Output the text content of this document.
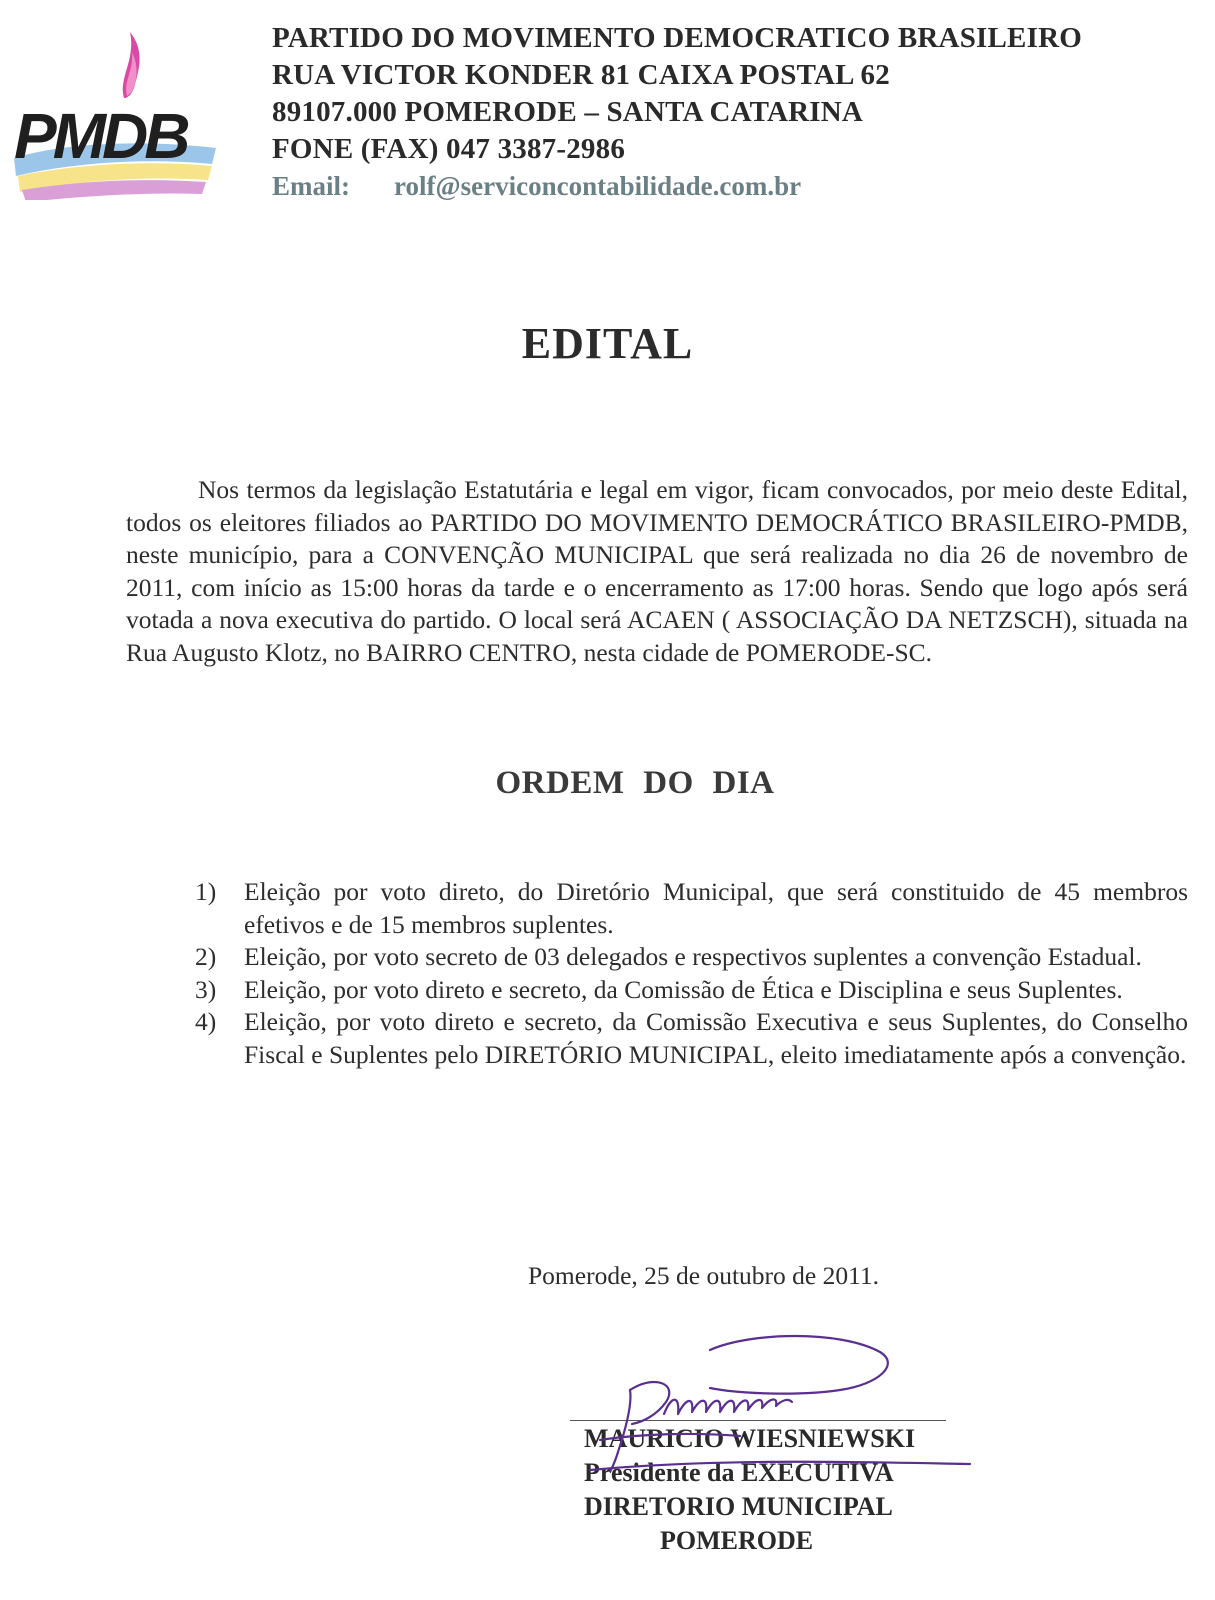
PMDB
PARTIDO DO MOVIMENTO DEMOCRATICO BRASILEIRO
RUA VICTOR KONDER 81 CAIXA POSTAL 62
89107.000 POMERODE – SANTA CATARINA
FONE (FAX) 047 3387-2986
Email: rolf@serviconcontabilidade.com.br
EDITAL
Nos termos da legislação Estatutária e legal em vigor, ficam convocados, por meio deste Edital, todos os eleitores filiados ao PARTIDO DO MOVIMENTO DEMOCRÁTICO BRASILEIRO-PMDB, neste município, para a CONVENÇÃO MUNICIPAL que será realizada no dia 26 de novembro de 2011, com início as 15:00 horas da tarde e o encerramento as 17:00 horas. Sendo que logo após será votada a nova executiva do partido. O local será ACAEN ( ASSOCIAÇÃO DA NETZSCH), situada na Rua Augusto Klotz, no BAIRRO CENTRO, nesta cidade de POMERODE-SC.
ORDEM DO DIA
1)	Eleição por voto direto, do Diretório Municipal, que será constituido de 45 membros efetivos e de 15 membros suplentes.
2)	Eleição, por voto secreto de 03 delegados e respectivos suplentes a convenção Estadual.
3)	Eleição, por voto direto e secreto, da Comissão de Ética e Disciplina e seus Suplentes.
4)	Eleição, por voto direto e secreto, da Comissão Executiva e seus Suplentes, do Conselho Fiscal e Suplentes pelo DIRETÓRIO MUNICIPAL, eleito imediatamente após a convenção.
Pomerode, 25 de outubro de 2011.
MAURICIO WIESNIEWSKI
Presidente da EXECUTIVA
DIRETORIO MUNICIPAL
POMERODE
